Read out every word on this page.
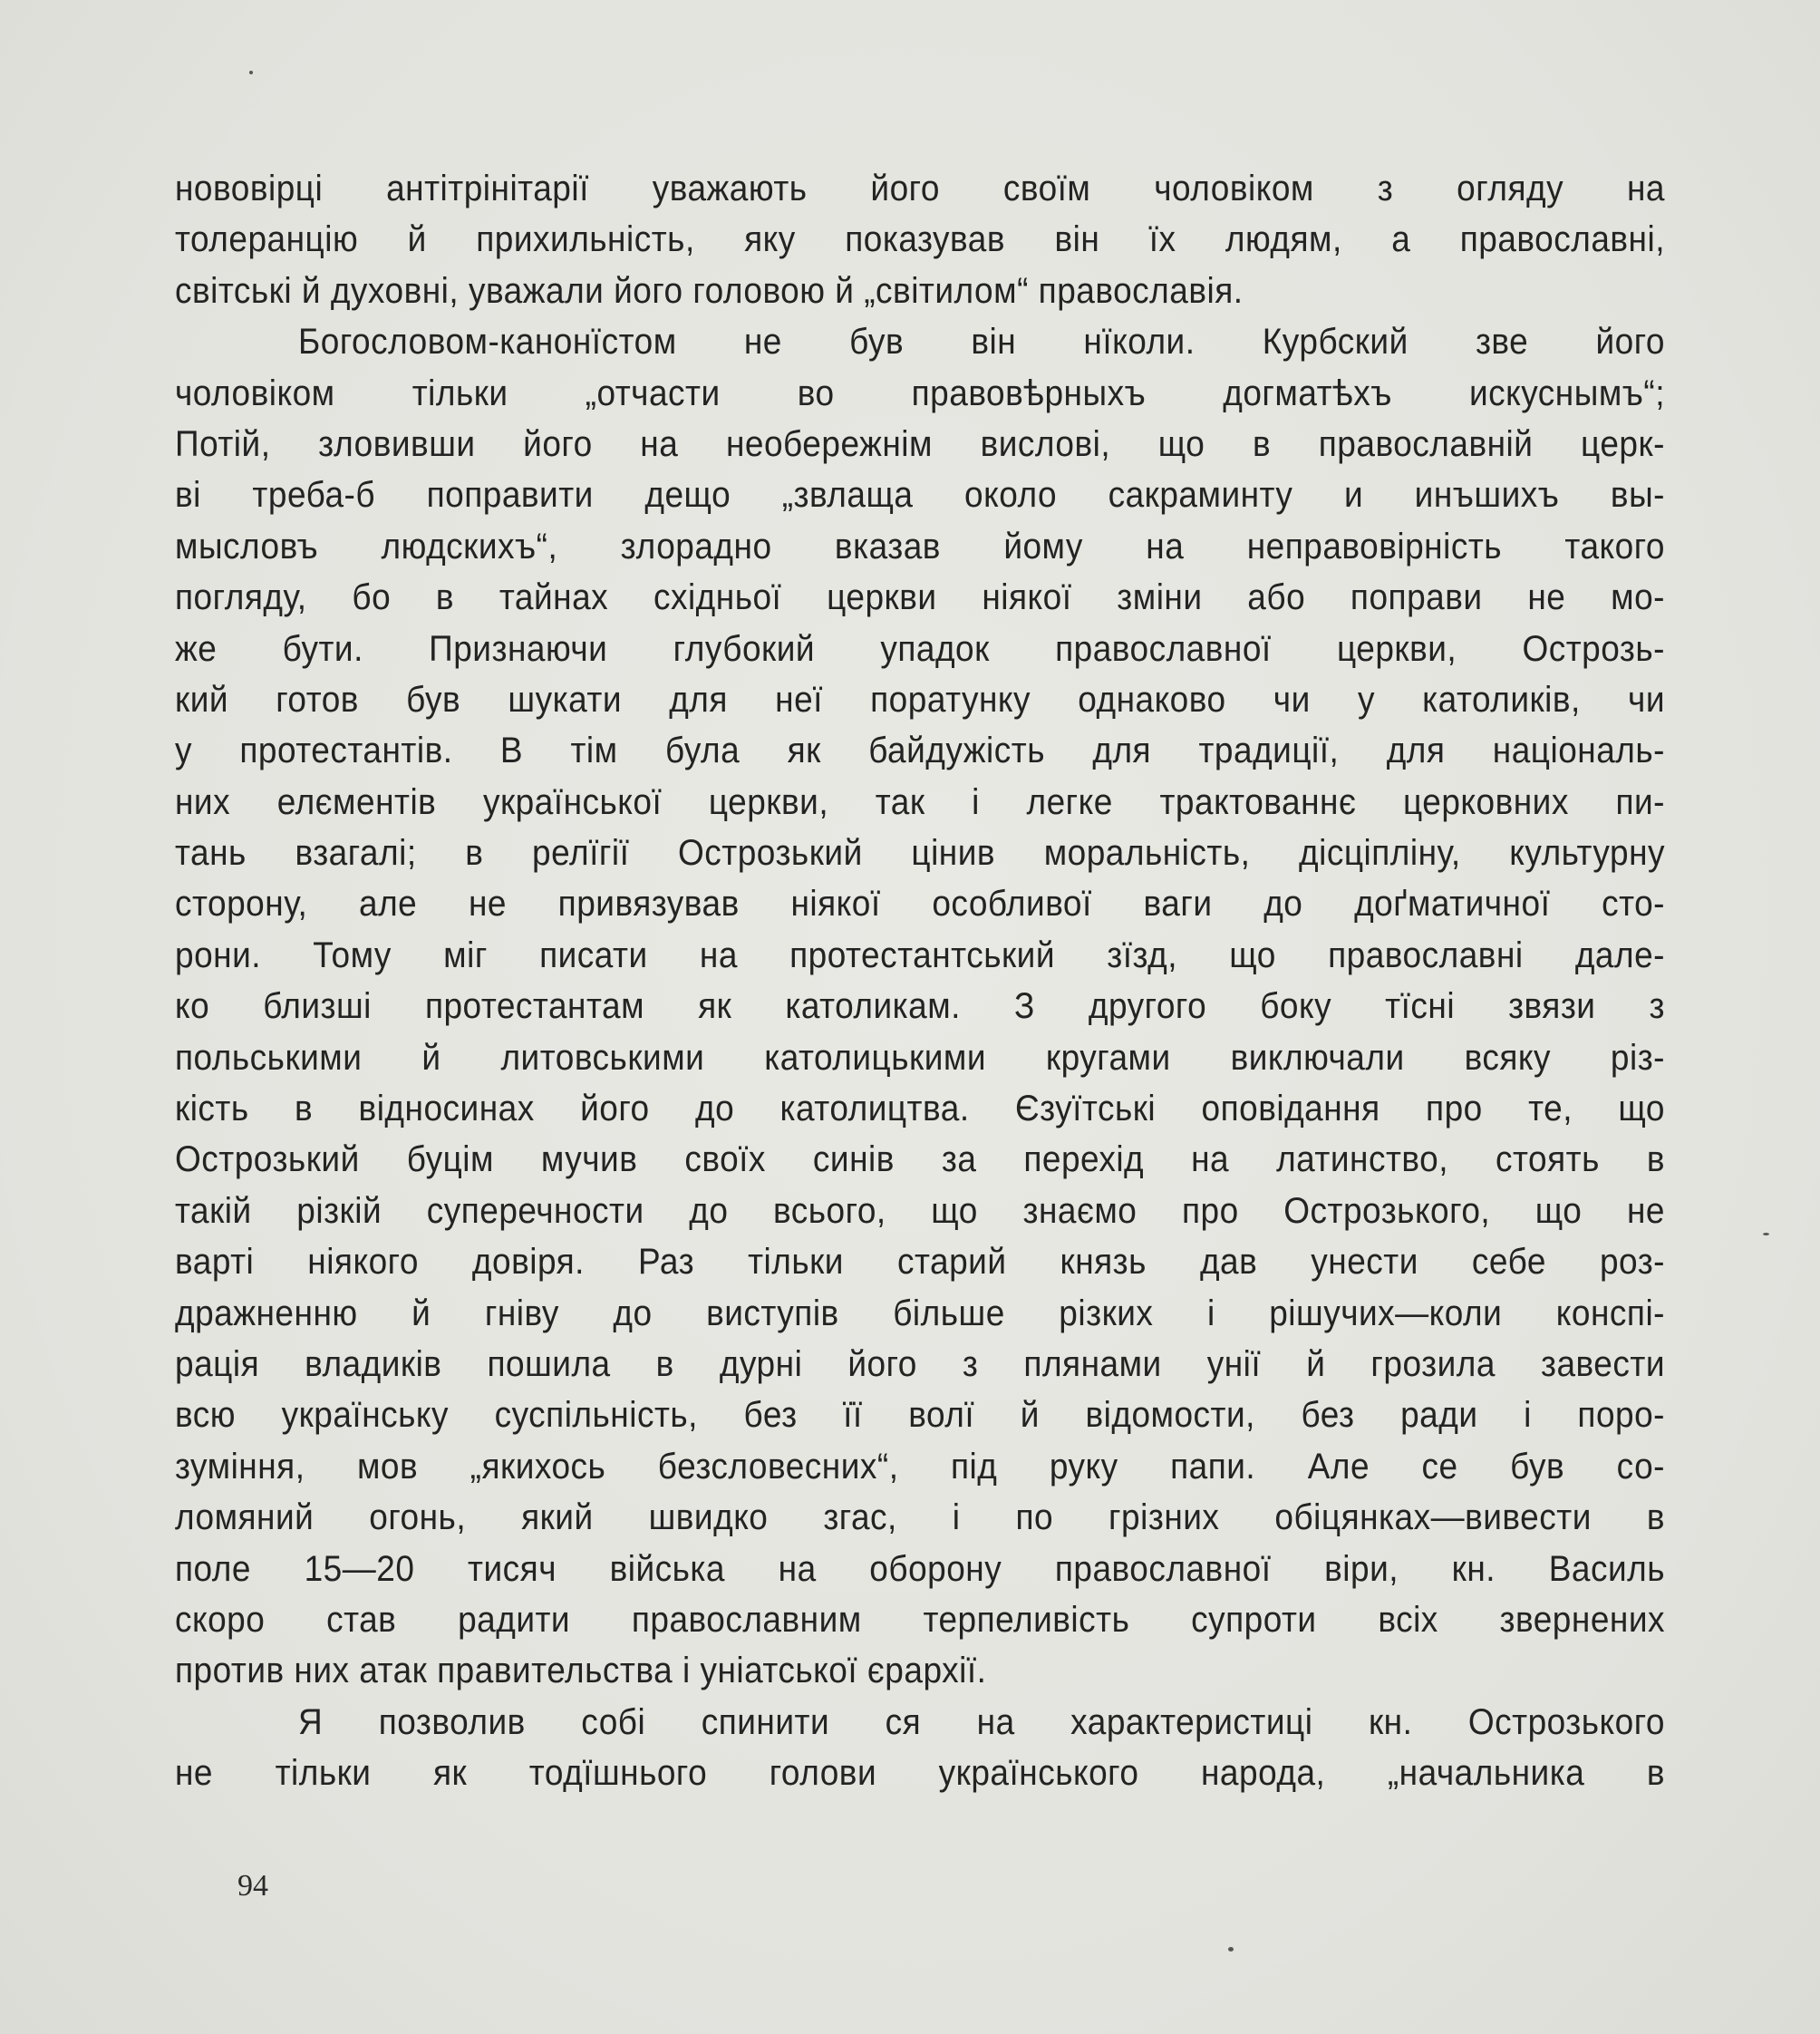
нововірці антітрінітарії уважають його своїм чоловіком з огляду на
толеранцію й прихильність, яку показував він їх людям, а православні,
світські й духовні, уважали його головою й „світилом“ православія.
Богословом-канонїстом не був він нїколи. Курбский зве його
чоловіком тільки „отчасти во правовѣрныхъ догматѣхъ искуснымъ“;
Потій, зловивши його на необережнім вислові, що в православній церк-
ві треба-б поправити дещо „звлаща около сакраминту и инъшихъ вы-
мысловъ людскихъ“, злорадно вказав йому на неправовірність такого
погляду, бо в тайнах східньої церкви ніякої зміни або поправи не мо-
же бути. Признаючи глубокий упадок православної церкви, Острозь-
кий готов був шукати для неї поратунку однаково чи у католиків, чи
у протестантів. В тім була як байдужість для традиції, для національ-
них елєментів української церкви, так і легке трактованнє церковних пи-
тань взагалі; в релїгії Острозький цінив моральність, дісціпліну, культурну
сторону, але не привязував ніякої особливої ваги до доґматичної сто-
рони. Тому міг писати на протестантський зїзд, що православні дале-
ко близші протестантам як католикам. З другого боку тїсні звязи з
польськими й литовськими католицькими кругами виключали всяку різ-
кість в відносинах його до католицтва. Єзуїтські оповідання про те, що
Острозький буцім мучив своїх синів за перехід на латинство, стоять в
такій різкій суперечности до всього, що знаємо про Острозького, що не
варті ніякого довіря. Раз тільки старий князь дав унести себе роз-
дражненню й гніву до виступів більше різких і рішучих—коли конспі-
рація владиків пошила в дурні його з плянами унії й грозила завести
всю українську суспільність, без її волї й відомости, без ради і поро-
зуміння, мов „якихось безсловесних“, під руку папи. Але се був со-
ломяний огонь, який швидко згас, і по грізних обіцянках—вивести в
поле 15—20 тисяч війська на оборону православної віри, кн. Василь
скоро став радити православним терпеливість супроти всіх звернених
против них атак правительства і уніатської єрархії.
Я позволив собі спинити ся на характеристиці кн. Острозького
не тільки як тодїшнього голови українського народа, „начальника в
94
